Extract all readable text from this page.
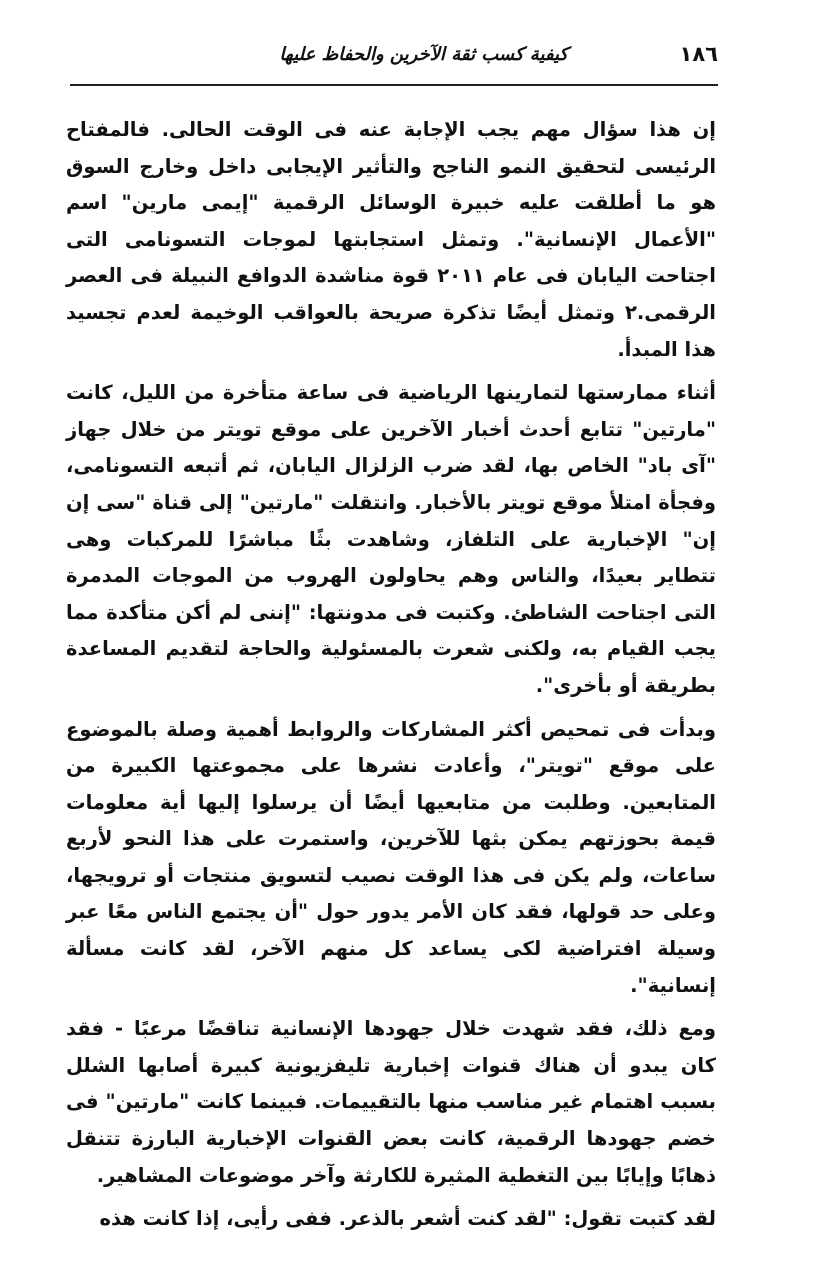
١٨٦
كيفية كسب ثقة الآخرين والحفاظ عليها

إن هذا سؤال مهم يجب الإجابة عنه فى الوقت الحالى. فالمفتاح الرئيسى لتحقيق النمو الناجح والتأثير الإيجابى داخل وخارج السوق هو ما أطلقت عليه خبيرة الوسائل الرقمية "إيمى مارين" اسم "الأعمال الإنسانية". وتمثل استجابتها لموجات التسونامى التى اجتاحت اليابان فى عام ٢٠١١ قوة مناشدة الدوافع النبيلة فى العصر الرقمى.٢ وتمثل أيضًا تذكرة صريحة بالعواقب الوخيمة لعدم تجسيد هذا المبدأ.

أثناء ممارستها لتمارينها الرياضية فى ساعة متأخرة من الليل، كانت "مارتين" تتابع أحدث أخبار الآخرين على موقع تويتر من خلال جهاز "آى باد" الخاص بها، لقد ضرب الزلزال اليابان، ثم أتبعه التسونامى، وفجأة امتلأ موقع تويتر بالأخبار. وانتقلت "مارتين" إلى قناة "سى إن إن" الإخبارية على التلفاز، وشاهدت بثًا مباشرًا للمركبات وهى تتطاير بعيدًا، والناس وهم يحاولون الهروب من الموجات المدمرة التى اجتاحت الشاطئ. وكتبت فى مدونتها: "إننى لم أكن متأكدة مما يجب القيام به، ولكنى شعرت بالمسئولية والحاجة لتقديم المساعدة بطريقة أو بأخرى".

وبدأت فى تمحيص أكثر المشاركات والروابط أهمية وصلة بالموضوع على موقع "تويتر"، وأعادت نشرها على مجموعتها الكبيرة من المتابعين. وطلبت من متابعيها أيضًا أن يرسلوا إليها أية معلومات قيمة بحوزتهم يمكن بثها للآخرين، واستمرت على هذا النحو لأربع ساعات، ولم يكن فى هذا الوقت نصيب لتسويق منتجات أو ترويجها، وعلى حد قولها، فقد كان الأمر يدور حول "أن يجتمع الناس معًا عبر وسيلة افتراضية لكى يساعد كل منهم الآخر، لقد كانت مسألة إنسانية".

ومع ذلك، فقد شهدت خلال جهودها الإنسانية تناقضًا مرعبًا - فقد كان يبدو أن هناك قنوات إخبارية تليفزيونية كبيرة أصابها الشلل بسبب اهتمام غير مناسب منها بالتقييمات. فبينما كانت "مارتين" فى خضم جهودها الرقمية، كانت بعض القنوات الإخبارية البارزة تتنقل ذهابًا وإيابًا بين التغطية المثيرة للكارثة وآخر موضوعات المشاهير.

لقد كتبت تقول: "لقد كنت أشعر بالذعر. ففى رأيى، إذا كانت هذه
